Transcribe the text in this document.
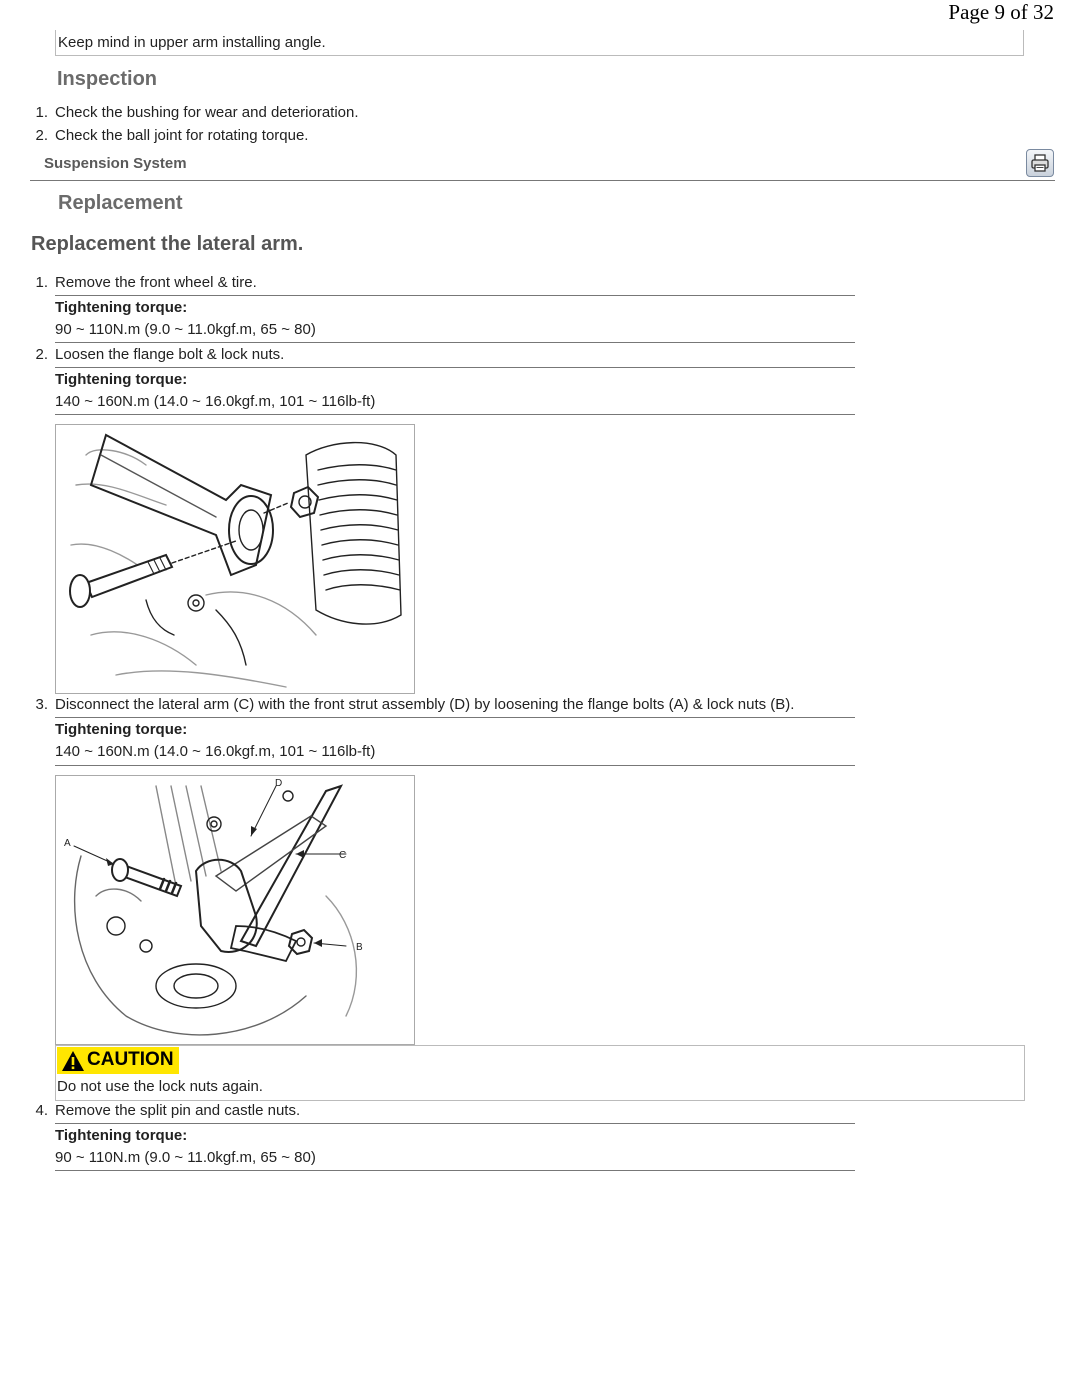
Page 9 of 32
Keep mind in upper arm installing angle.
Inspection
1. Check the bushing for wear and deterioration.
2. Check the ball joint for rotating torque.
Suspension System
Replacement
Replacement the lateral arm.
1. Remove the front wheel & tire.
Tightening torque:
90 ~ 110N.m (9.0 ~ 11.0kgf.m, 65 ~ 80)
2. Loosen the flange bolt & lock nuts.
Tightening torque:
140 ~ 160N.m (14.0 ~ 16.0kgf.m, 101 ~ 116lb-ft)
3. Disconnect the lateral arm (C) with the front strut assembly (D) by loosening the flange bolts (A) & lock nuts (B).
Tightening torque:
140 ~ 160N.m (14.0 ~ 16.0kgf.m, 101 ~ 116lb-ft)
A
D
C
B
CAUTION
Do not use the lock nuts again.
4. Remove the split pin and castle nuts.
Tightening torque:
90 ~ 110N.m (9.0 ~ 11.0kgf.m, 65 ~ 80)
